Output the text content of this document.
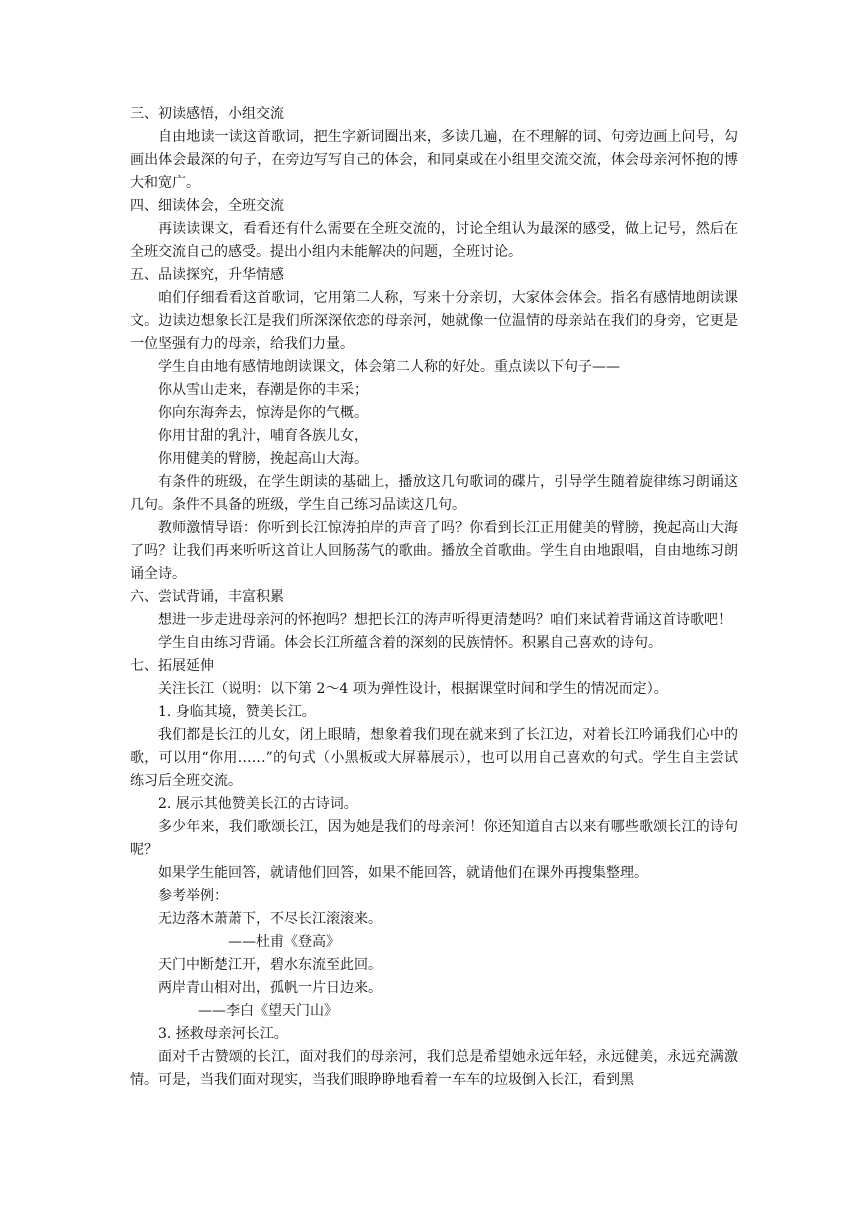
三、初读感悟，小组交流
自由地读一读这首歌词，把生字新词圈出来，多读几遍，在不理解的词、句旁边画上问号，勾画出体会最深的句子，在旁边写写自己的体会，和同桌或在小组里交流交流，体会母亲河怀抱的博大和宽广。
四、细读体会，全班交流
再读读课文，看看还有什么需要在全班交流的，讨论全组认为最深的感受，做上记号，然后在全班交流自己的感受。提出小组内未能解决的问题，全班讨论。
五、品读探究，升华情感
咱们仔细看看这首歌词，它用第二人称，写来十分亲切，大家体会体会。指名有感情地朗读课文。边读边想象长江是我们所深深依恋的母亲河，她就像一位温情的母亲站在我们的身旁，它更是一位坚强有力的母亲，给我们力量。
学生自由地有感情地朗读课文，体会第二人称的好处。重点读以下句子——
你从雪山走来，春潮是你的丰采；
你向东海奔去，惊涛是你的气概。
你用甘甜的乳汁，哺育各族儿女，
你用健美的臂膀，挽起高山大海。
有条件的班级，在学生朗读的基础上，播放这几句歌词的碟片，引导学生随着旋律练习朗诵这几句。条件不具备的班级，学生自己练习品读这几句。
教师激情导语：你听到长江惊涛拍岸的声音了吗？你看到长江正用健美的臂膀，挽起高山大海了吗？让我们再来听听这首让人回肠荡气的歌曲。播放全首歌曲。学生自由地跟唱，自由地练习朗诵全诗。
六、尝试背诵，丰富积累
想进一步走进母亲河的怀抱吗？想把长江的涛声听得更清楚吗？咱们来试着背诵这首诗歌吧！
学生自由练习背诵。体会长江所蕴含着的深刻的民族情怀。积累自己喜欢的诗句。
七、拓展延伸
关注长江（说明：以下第 2～4 项为弹性设计，根据课堂时间和学生的情况而定）。
1. 身临其境，赞美长江。
我们都是长江的儿女，闭上眼睛，想象着我们现在就来到了长江边，对着长江吟诵我们心中的歌，可以用“你用……”的句式（小黑板或大屏幕展示），也可以用自己喜欢的句式。学生自主尝试练习后全班交流。
2. 展示其他赞美长江的古诗词。
多少年来，我们歌颂长江，因为她是我们的母亲河！你还知道自古以来有哪些歌颂长江的诗句呢？
如果学生能回答，就请他们回答，如果不能回答，就请他们在课外再搜集整理。
参考举例：
无边落木萧萧下，不尽长江滚滚来。
——杜甫《登高》
天门中断楚江开，碧水东流至此回。
两岸青山相对出，孤帆一片日边来。
——李白《望天门山》
3. 拯救母亲河长江。
面对千古赞颂的长江，面对我们的母亲河，我们总是希望她永远年轻，永远健美，永远充满激情。可是，当我们面对现实，当我们眼睁睁地看着一车车的垃圾倒入长江，看到黑
